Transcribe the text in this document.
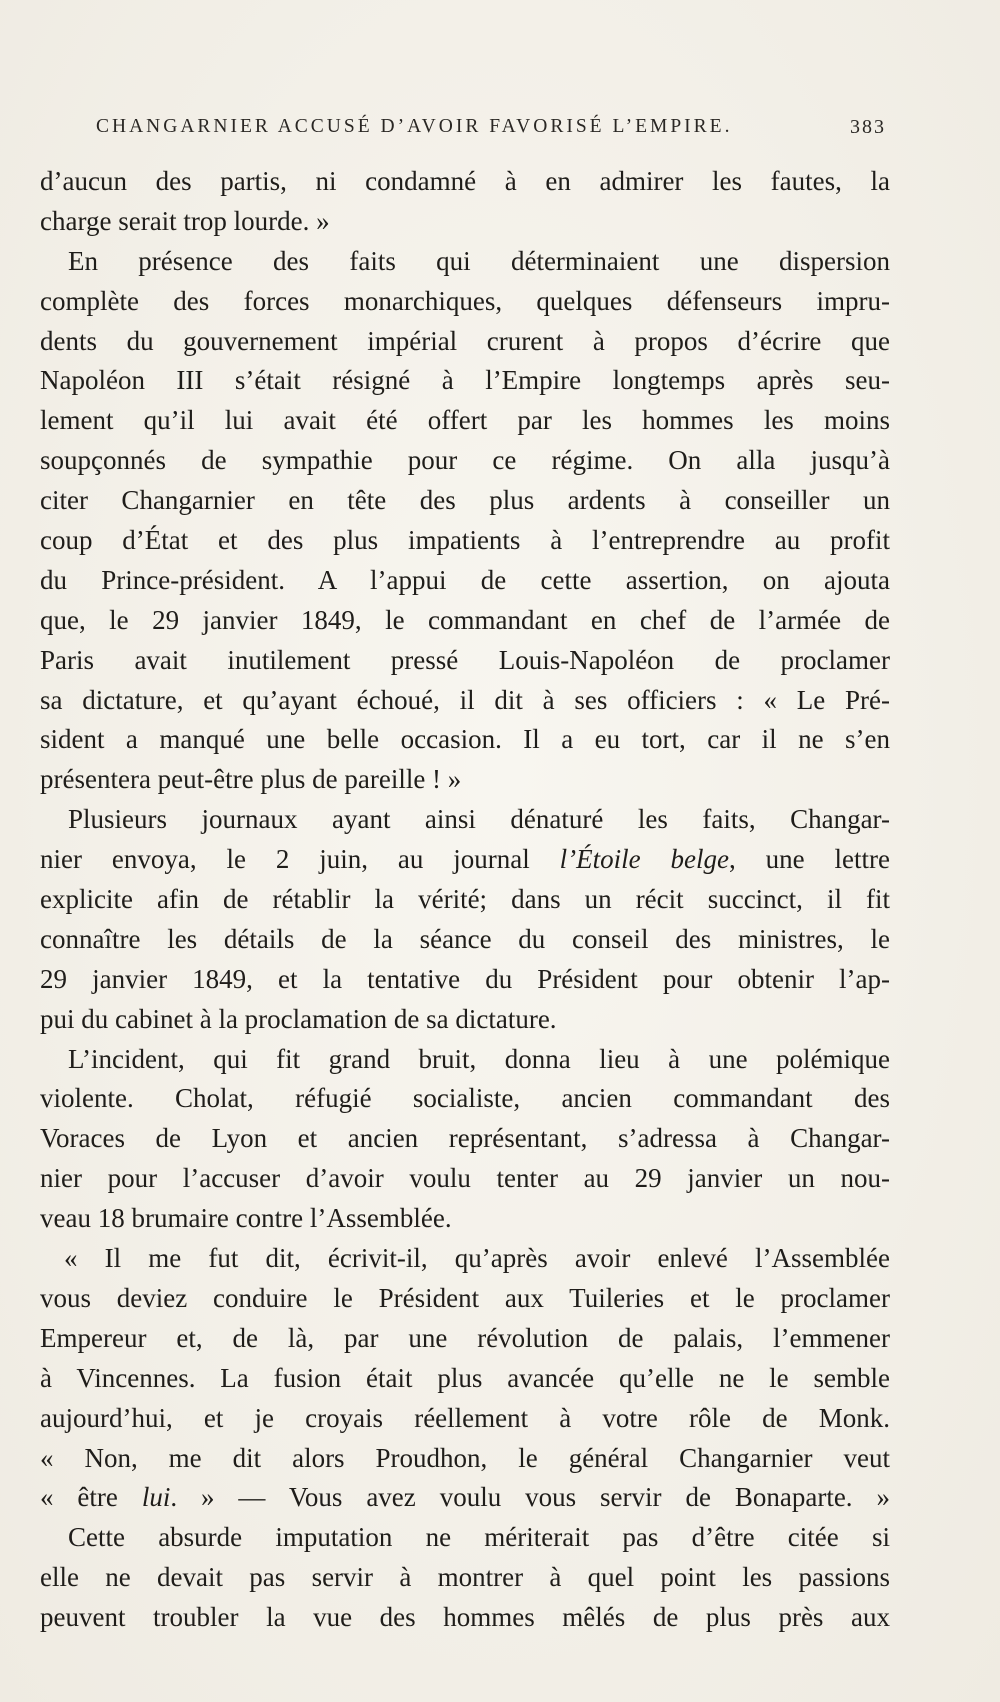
CHANGARNIER ACCUSÉ D’AVOIR FAVORISÉ L’EMPIRE.	383
d’aucun des partis, ni condamné à en admirer les fautes, la
charge serait trop lourde. »
En présence des faits qui déterminaient une dispersion
complète des forces monarchiques, quelques défenseurs impru-
dents du gouvernement impérial crurent à propos d’écrire que
Napoléon III s’était résigné à l’Empire longtemps après seu-
lement qu’il lui avait été offert par les hommes les moins
soupçonnés de sympathie pour ce régime. On alla jusqu’à
citer Changarnier en tête des plus ardents à conseiller un
coup d’État et des plus impatients à l’entreprendre au profit
du Prince-président. A l’appui de cette assertion, on ajouta
que, le 29 janvier 1849, le commandant en chef de l’armée de
Paris avait inutilement pressé Louis-Napoléon de proclamer
sa dictature, et qu’ayant échoué, il dit à ses officiers : « Le Pré-
sident a manqué une belle occasion. Il a eu tort, car il ne s’en
présentera peut-être plus de pareille ! »
Plusieurs journaux ayant ainsi dénaturé les faits, Changar-
nier envoya, le 2 juin, au journal l’Étoile belge, une lettre
explicite afin de rétablir la vérité; dans un récit succinct, il fit
connaître les détails de la séance du conseil des ministres, le
29 janvier 1849, et la tentative du Président pour obtenir l’ap-
pui du cabinet à la proclamation de sa dictature.
L’incident, qui fit grand bruit, donna lieu à une polémique
violente. Cholat, réfugié socialiste, ancien commandant des
Voraces de Lyon et ancien représentant, s’adressa à Changar-
nier pour l’accuser d’avoir voulu tenter au 29 janvier un nou-
veau 18 brumaire contre l’Assemblée.
« Il me fut dit, écrivit-il, qu’après avoir enlevé l’Assemblée
vous deviez conduire le Président aux Tuileries et le proclamer
Empereur et, de là, par une révolution de palais, l’emmener
à Vincennes. La fusion était plus avancée qu’elle ne le semble
aujourd’hui, et je croyais réellement à votre rôle de Monk.
« Non, me dit alors Proudhon, le général Changarnier veut
« être lui. » — Vous avez voulu vous servir de Bonaparte. »
Cette absurde imputation ne mériterait pas d’être citée si
elle ne devait pas servir à montrer à quel point les passions
peuvent troubler la vue des hommes mêlés de plus près aux
